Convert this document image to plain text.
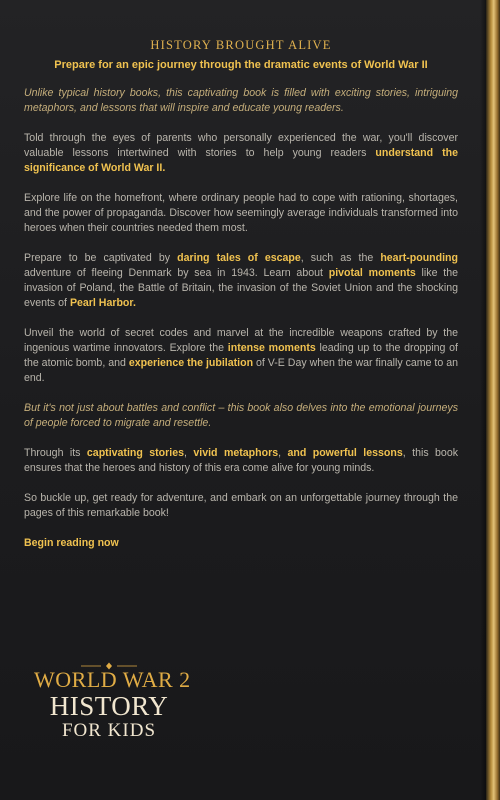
HISTORY BROUGHT ALIVE
Prepare for an epic journey through the dramatic events of World War II

Unlike typical history books, this captivating book is filled with exciting stories, intriguing metaphors, and lessons that will inspire and educate young readers.

Told through the eyes of parents who personally experienced the war, you'll discover valuable lessons intertwined with stories to help young readers understand the significance of World War II.

Explore life on the homefront, where ordinary people had to cope with rationing, shortages, and the power of propaganda. Discover how seemingly average individuals transformed into heroes when their countries needed them most.

Prepare to be captivated by daring tales of escape, such as the heart-pounding adventure of fleeing Denmark by sea in 1943. Learn about pivotal moments like the invasion of Poland, the Battle of Britain, the invasion of the Soviet Union and the shocking events of Pearl Harbor.

Unveil the world of secret codes and marvel at the incredible weapons crafted by the ingenious wartime innovators. Explore the intense moments leading up to the dropping of the atomic bomb, and experience the jubilation of V-E Day when the war finally came to an end.

But it's not just about battles and conflict – this book also delves into the emotional journeys of people forced to migrate and resettle.

Through its captivating stories, vivid metaphors, and powerful lessons, this book ensures that the heroes and history of this era come alive for young minds.

So buckle up, get ready for adventure, and embark on an unforgettable journey through the pages of this remarkable book!

Begin reading now

WORLD WAR 2
HISTORY
FOR KIDS
